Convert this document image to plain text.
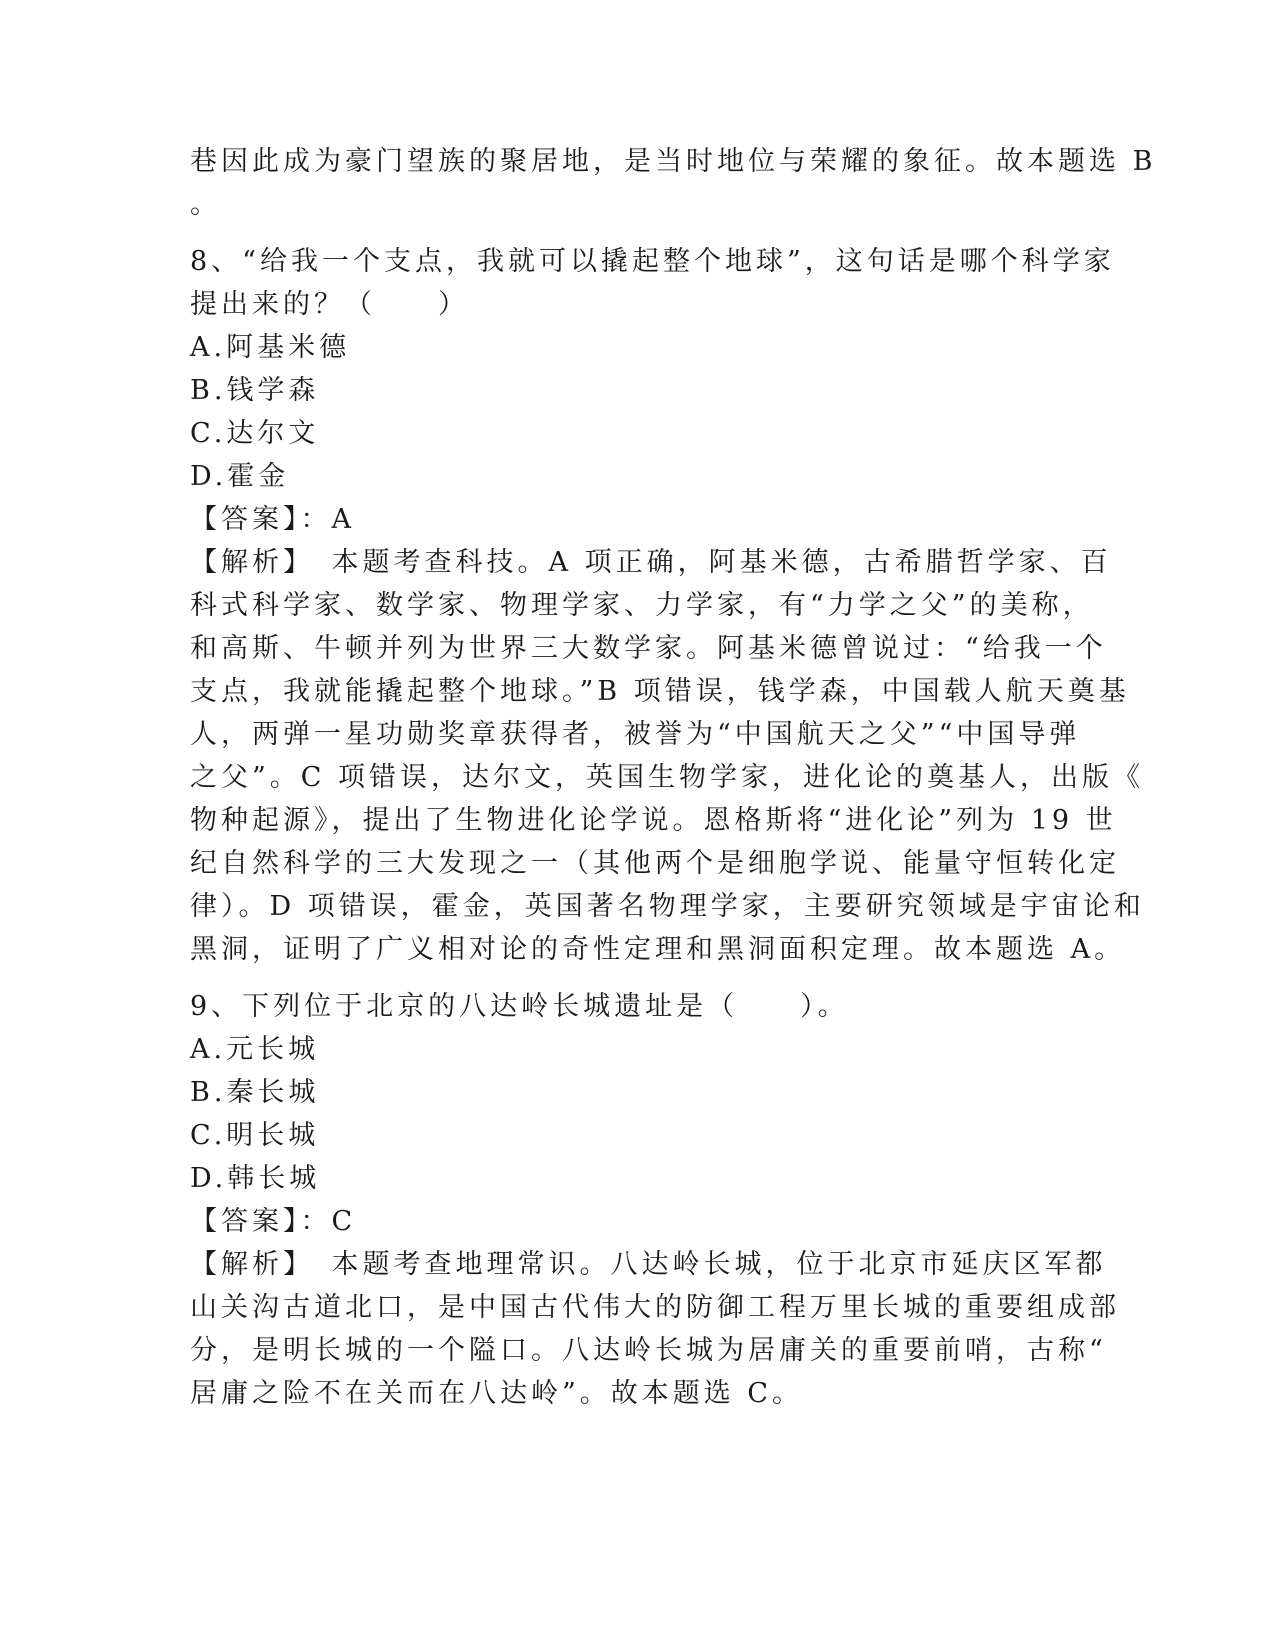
巷因此成为豪门望族的聚居地，是当时地位与荣耀的象征。故本题选 B
。
8、“给我一个支点，我就可以撬起整个地球”，这句话是哪个科学家
提出来的？（　　）
A.阿基米德
B.钱学森
C.达尔文
D.霍金
【答案】：A
【解析】　本题考查科技。A 项正确，阿基米德，古希腊哲学家、百
科式科学家、数学家、物理学家、力学家，有“力学之父”的美称，
和高斯、牛顿并列为世界三大数学家。阿基米德曾说过：“给我一个
支点，我就能撬起整个地球。”B 项错误，钱学森，中国载人航天奠基
人，两弹一星功勋奖章获得者，被誉为“中国航天之父”“中国导弹
之父”。C 项错误，达尔文，英国生物学家，进化论的奠基人，出版《
物种起源》，提出了生物进化论学说。恩格斯将“进化论”列为 19 世
纪自然科学的三大发现之一（其他两个是细胞学说、能量守恒转化定
律）。D 项错误，霍金，英国著名物理学家，主要研究领域是宇宙论和
黑洞，证明了广义相对论的奇性定理和黑洞面积定理。故本题选 A。
9、下列位于北京的八达岭长城遗址是（　　）。
A.元长城
B.秦长城
C.明长城
D.韩长城
【答案】：C
【解析】　本题考查地理常识。八达岭长城，位于北京市延庆区军都
山关沟古道北口，是中国古代伟大的防御工程万里长城的重要组成部
分，是明长城的一个隘口。八达岭长城为居庸关的重要前哨，古称“
居庸之险不在关而在八达岭”。故本题选 C。
